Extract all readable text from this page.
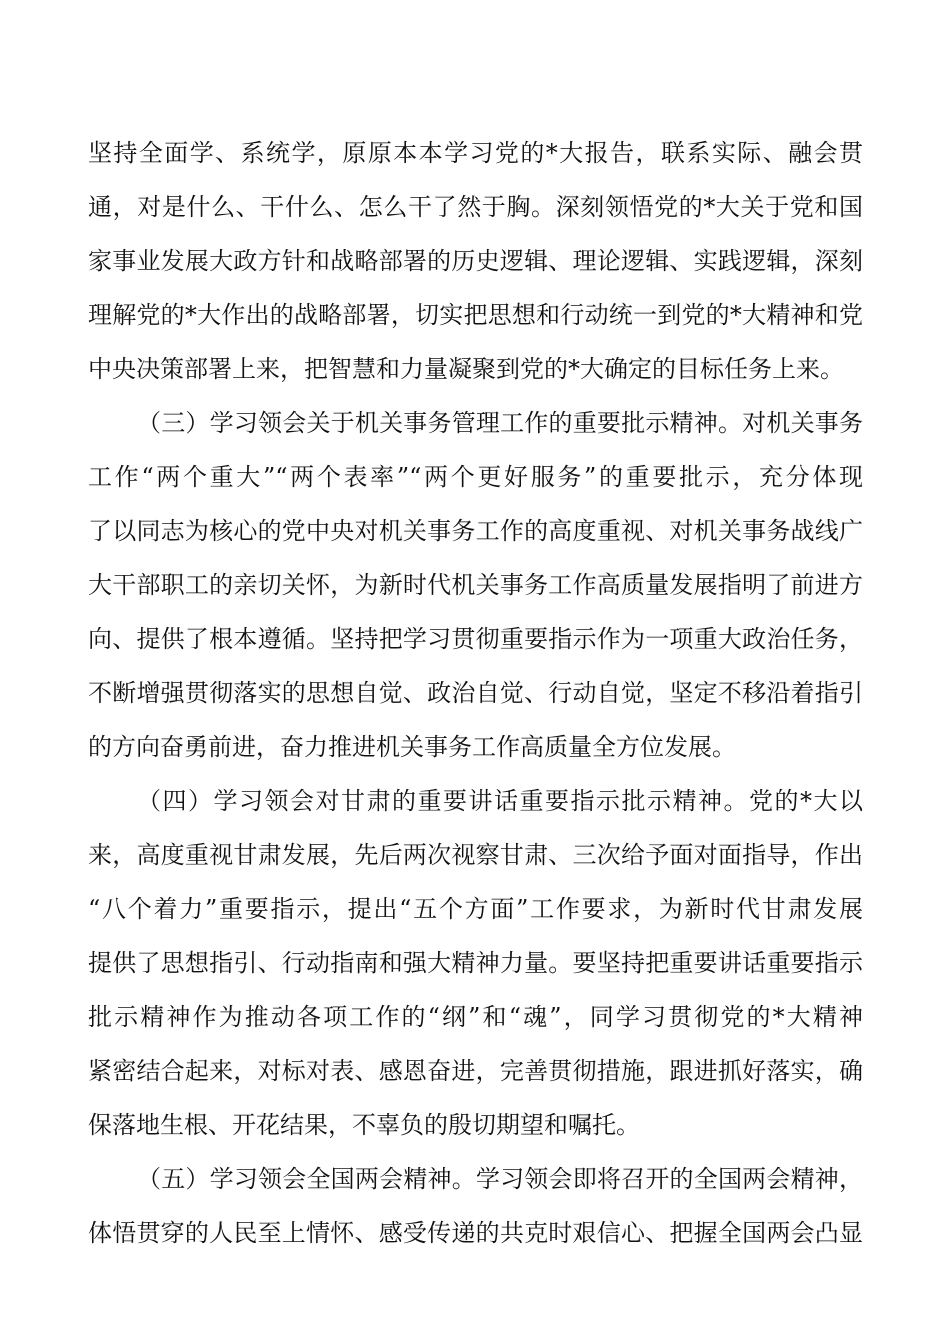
坚持全面学、系统学，原原本本学习党的*大报告，联系实际、融会贯
通，对是什么、干什么、怎么干了然于胸。深刻领悟党的*大关于党和国
家事业发展大政方针和战略部署的历史逻辑、理论逻辑、实践逻辑，深刻
理解党的*大作出的战略部署，切实把思想和行动统一到党的*大精神和党
中央决策部署上来，把智慧和力量凝聚到党的*大确定的目标任务上来。
（三）学习领会关于机关事务管理工作的重要批示精神。对机关事务
工作“两个重大”“两个表率”“两个更好服务”的重要批示，充分体现
了以同志为核心的党中央对机关事务工作的高度重视、对机关事务战线广
大干部职工的亲切关怀，为新时代机关事务工作高质量发展指明了前进方
向、提供了根本遵循。坚持把学习贯彻重要指示作为一项重大政治任务，
不断增强贯彻落实的思想自觉、政治自觉、行动自觉，坚定不移沿着指引
的方向奋勇前进，奋力推进机关事务工作高质量全方位发展。
（四）学习领会对甘肃的重要讲话重要指示批示精神。党的*大以
来，高度重视甘肃发展，先后两次视察甘肃、三次给予面对面指导，作出
“八个着力”重要指示，提出“五个方面”工作要求，为新时代甘肃发展
提供了思想指引、行动指南和强大精神力量。要坚持把重要讲话重要指示
批示精神作为推动各项工作的“纲”和“魂”，同学习贯彻党的*大精神
紧密结合起来，对标对表、感恩奋进，完善贯彻措施，跟进抓好落实，确
保落地生根、开花结果，不辜负的殷切期望和嘱托。
（五）学习领会全国两会精神。学习领会即将召开的全国两会精神，
体悟贯穿的人民至上情怀、感受传递的共克时艰信心、把握全国两会凸显
